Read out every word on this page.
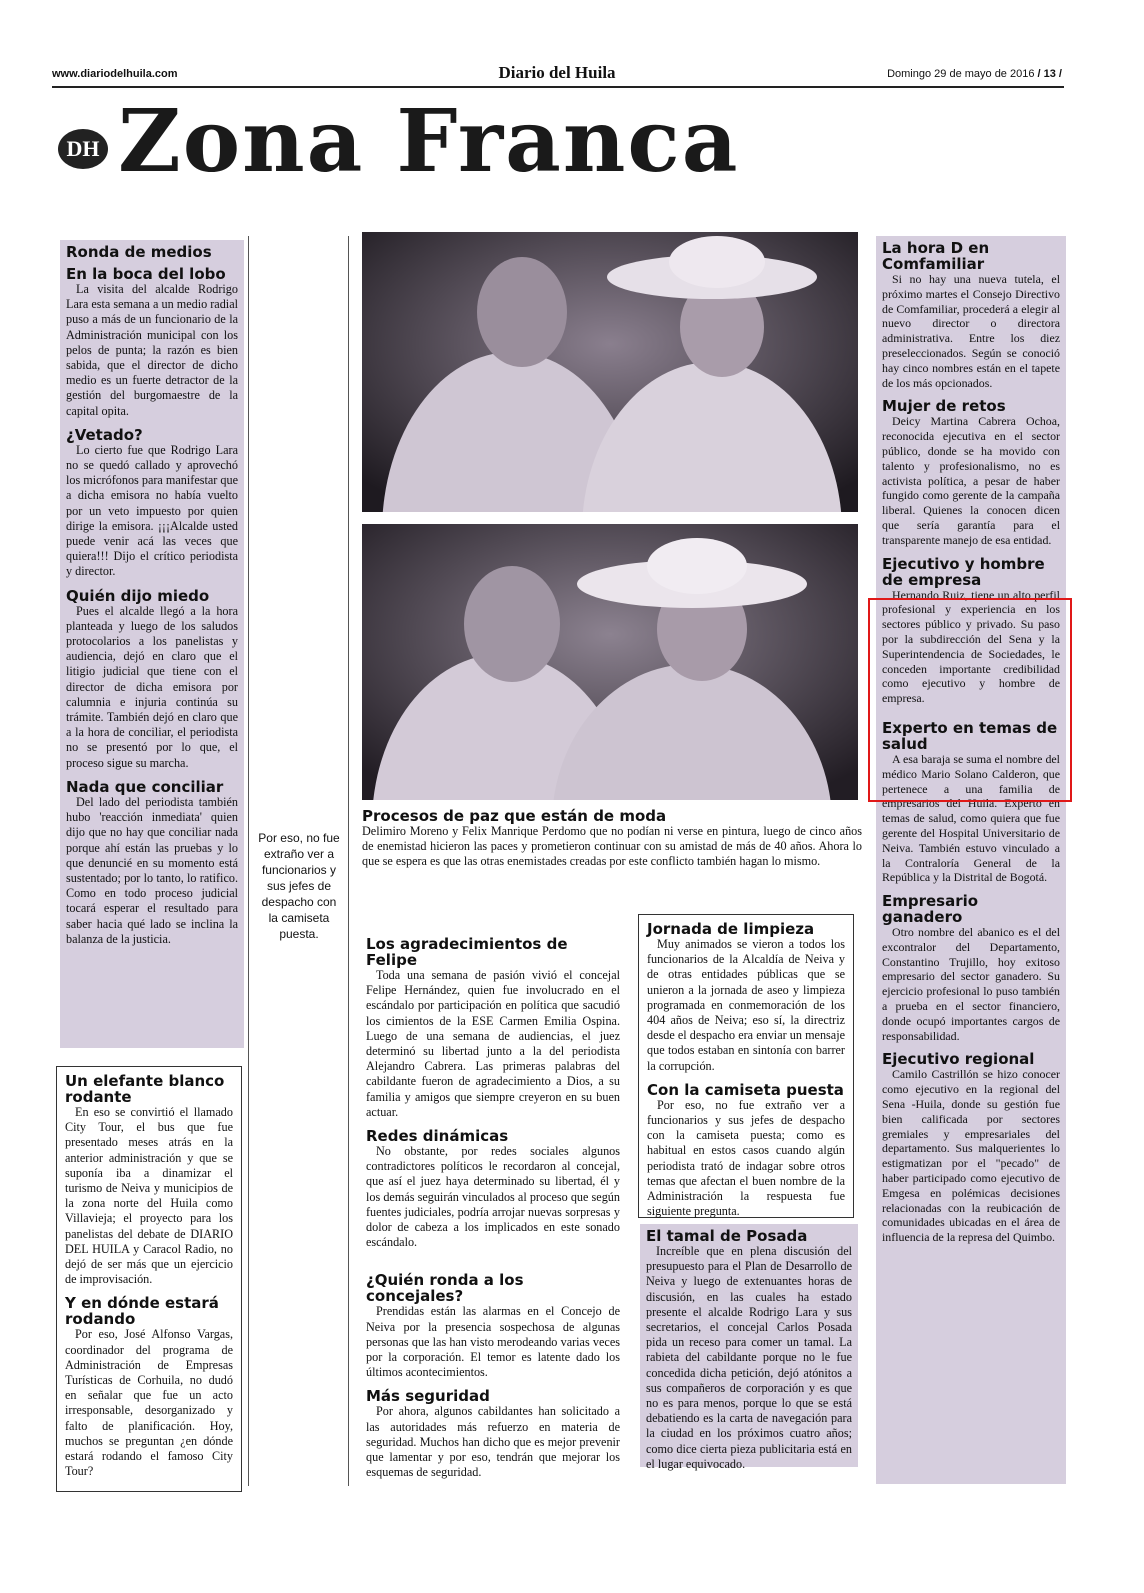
www.diariodelhuila.com	Diario del Huila	Domingo 29 de mayo de 2016 / 13 /
DH Zona Franca
Ronda de medios
En la boca del lobo

La visita del alcalde Rodrigo Lara esta semana a un medio radial puso a más de un funcionario de la Administración municipal con los pelos de punta; la razón es bien sabida, que el director de dicho medio es un fuerte detractor de la gestión del burgomaestre de la capital opita.

¿Vetado?

Lo cierto fue que Rodrigo Lara no se quedó callado y aprovechó los micrófonos para manifestar que a dicha emisora no había vuelto por un veto impuesto por quien dirige la emisora. ¡¡¡Alcalde usted puede venir acá las veces que quiera!!! Dijo el crítico periodista y director.

Quién dijo miedo

Pues el alcalde llegó a la hora planteada y luego de los saludos protocolarios a los panelistas y audiencia, dejó en claro que el litigio judicial que tiene con el director de dicha emisora por calumnia e injuria continúa su trámite. También dejó en claro que a la hora de conciliar, el periodista no se presentó por lo que, el proceso sigue su marcha.

Nada que conciliar

Del lado del periodista también hubo 'reacción inmediata' quien dijo que no hay que conciliar nada porque ahí están las pruebas y lo que denuncié en su momento está sustentado; por lo tanto, lo ratifico. Como en todo proceso judicial tocará esperar el resultado para saber hacia qué lado se inclina la balanza de la justicia.

Un elefante blanco rodante

En eso se convirtió el llamado City Tour, el bus que fue presentado meses atrás en la anterior administración y que se suponía iba a dinamizar el turismo de Neiva y municipios de la zona norte del Huila como Villavieja; el proyecto para los panelistas del debate de DIARIO DEL HUILA y Caracol Radio, no dejó de ser más que un ejercicio de improvisación.

Y en dónde estará rodando

Por eso, José Alfonso Vargas, coordinador del programa de Administración de Empresas Turísticas de Corhuila, no dudó en señalar que fue un acto irresponsable, desorganizado y falto de planificación. Hoy, muchos se preguntan ¿en dónde estará rodando el famoso City Tour?

Por eso, no fue extraño ver a funcionarios y sus jefes de despacho con la camiseta puesta.
Procesos de paz que están de moda
Delimiro Moreno y Felix Manrique Perdomo que no podían ni verse en pintura, luego de cinco años de enemistad hicieron las paces y prometieron continuar con su amistad de más de 40 años. Ahora lo que se espera es que las otras enemistades creadas por este conflicto también hagan lo mismo.
Los agradecimientos de Felipe

Toda una semana de pasión vivió el concejal Felipe Hernández, quien fue involucrado en el escándalo por participación en política que sacudió los cimientos de la ESE Carmen Emilia Ospina. Luego de una semana de audiencias, el juez determinó su libertad junto a la del periodista Alejandro Cabrera. Las primeras palabras del cabildante fueron de agradecimiento a Dios, a su familia y amigos que siempre creyeron en su buen actuar.

Redes dinámicas

No obstante, por redes sociales algunos contradictores políticos le recordaron al concejal, que así el juez haya determinado su libertad, él y los demás seguirán vinculados al proceso que según fuentes judiciales, podría arrojar nuevas sorpresas y dolor de cabeza a los implicados en este sonado escándalo.

¿Quién ronda a los concejales?

Prendidas están las alarmas en el Concejo de Neiva por la presencia sospechosa de algunas personas que las han visto merodeando varias veces por la corporación. El temor es latente dado los últimos acontecimientos.

Más seguridad

Por ahora, algunos cabildantes han solicitado a las autoridades más refuerzo en materia de seguridad. Muchos han dicho que es mejor prevenir que lamentar y por eso, tendrán que mejorar los esquemas de seguridad.

Jornada de limpieza

Muy animados se vieron a todos los funcionarios de la Alcaldía de Neiva y de otras entidades públicas que se unieron a la jornada de aseo y limpieza programada en conmemoración de los 404 años de Neiva; eso sí, la directriz desde el despacho era enviar un mensaje que todos estaban en sintonía con barrer la corrupción.

Con la camiseta puesta

Por eso, no fue extraño ver a funcionarios y sus jefes de despacho con la camiseta puesta; como es habitual en estos casos cuando algún periodista trató de indagar sobre otros temas que afectan el buen nombre de la Administración la respuesta fue siguiente pregunta.

El tamal de Posada

Increíble que en plena discusión del presupuesto para el Plan de Desarrollo de Neiva y luego de extenuantes horas de discusión, en las cuales ha estado presente el alcalde Rodrigo Lara y sus secretarios, el concejal Carlos Posada pida un receso para comer un tamal. La rabieta del cabildante porque no le fue concedida dicha petición, dejó atónitos a sus compañeros de corporación y es que no es para menos, porque lo que se está debatiendo es la carta de navegación para la ciudad en los próximos cuatro años; como dice cierta pieza publicitaria está en el lugar equivocado.

La hora D en Comfamiliar

Si no hay una nueva tutela, el próximo martes el Consejo Directivo de Comfamiliar, procederá a elegir al nuevo director o directora administrativa. Entre los diez preseleccionados. Según se conoció hay cinco nombres están en el tapete de los más opcionados.

Mujer de retos

Deicy Martina Cabrera Ochoa, reconocida ejecutiva en el sector público, donde se ha movido con talento y profesionalismo, no es activista política, a pesar de haber fungido como gerente de la campaña liberal. Quienes la conocen dicen que sería garantía para el transparente manejo de esa entidad.

Ejecutivo y hombre de empresa

Hernando Ruiz, tiene un alto perfil profesional y experiencia en los sectores público y privado. Su paso por la subdirección del Sena y la Superintendencia de Sociedades, le conceden importante credibilidad como ejecutivo y hombre de empresa.

Experto en temas de salud

A esa baraja se suma el nombre del médico Mario Solano Calderon, que pertenece a una familia de empresarios del Huila. Experto en temas de salud, como quiera que fue gerente del Hospital Universitario de Neiva. También estuvo vinculado a la Contraloría General de la República y la Distrital de Bogotá.

Empresario ganadero

Otro nombre del abanico es el del excontralor del Departamento, Constantino Trujillo, hoy exitoso empresario del sector ganadero. Su ejercicio profesional lo puso también a prueba en el sector financiero, donde ocupó importantes cargos de responsabilidad.

Ejecutivo regional

Camilo Castrillón se hizo conocer como ejecutivo en la regional del Sena -Huila, donde su gestión fue bien calificada por sectores gremiales y empresariales del departamento. Sus malquerientes lo estigmatizan por el "pecado" de haber participado como ejecutivo de Emgesa en polémicas decisiones relacionadas con la reubicación de comunidades ubicadas en el área de influencia de la represa del Quimbo.
